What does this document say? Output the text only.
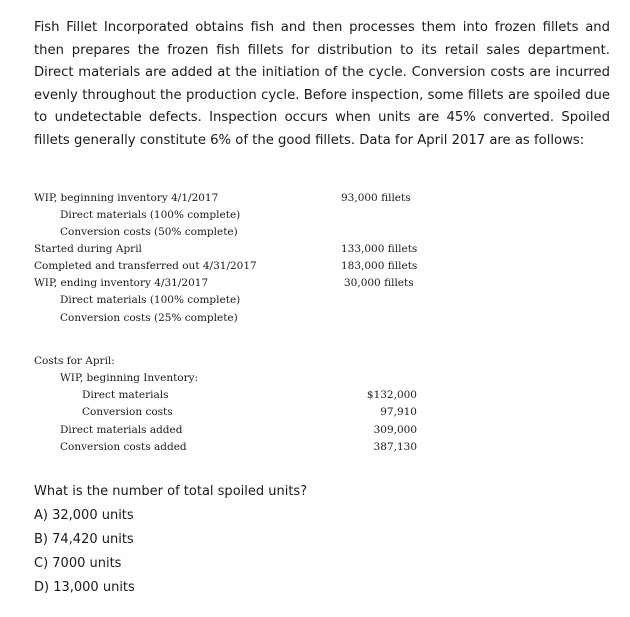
Fish Fillet Incorporated obtains fish and then processes them into frozen fillets and then prepares the frozen fish fillets for distribution to its retail sales department. Direct materials are added at the initiation of the cycle. Conversion costs are incurred evenly throughout the production cycle. Before inspection, some fillets are spoiled due to undetectable defects. Inspection occurs when units are 45% converted. Spoiled fillets generally constitute 6% of the good fillets. Data for April 2017 are as follows:

WIP, beginning inventory 4/1/2017	93,000 fillets
Direct materials (100% complete)
Conversion costs (50% complete)
Started during April	133,000 fillets
Completed and transferred out 4/31/2017	183,000 fillets
WIP, ending inventory 4/31/2017	30,000 fillets
Direct materials (100% complete)
Conversion costs (25% complete)
Costs for April:
WIP, beginning Inventory:
Direct materials	$132,000
Conversion costs	97,910
Direct materials added	309,000
Conversion costs added	387,130
What is the number of total spoiled units?
A) 32,000 units
B) 74,420 units
C) 7000 units
D) 13,000 units
